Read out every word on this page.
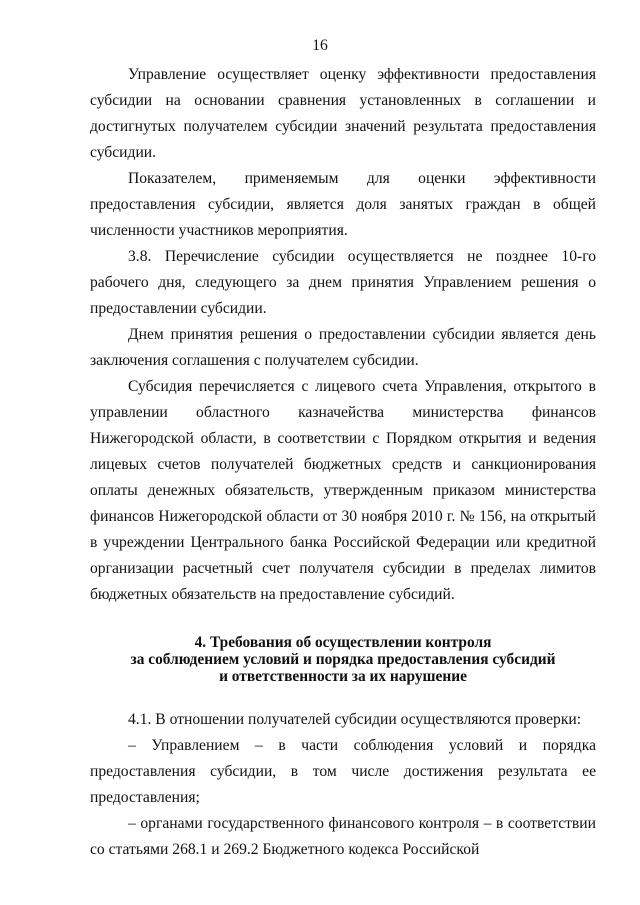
16

Управление осуществляет оценку эффективности предоставления субсидии на основании сравнения установленных в соглашении и достигнутых получателем субсидии значений результата предоставления субсидии.

Показателем, применяемым для оценки эффективности предоставления субсидии, является доля занятых граждан в общей численности участников мероприятия.

3.8. Перечисление субсидии осуществляется не позднее 10-го рабочего дня, следующего за днем принятия Управлением решения о предоставлении субсидии.

Днем принятия решения о предоставлении субсидии является день заключения соглашения с получателем субсидии.

Субсидия перечисляется с лицевого счета Управления, открытого в управлении областного казначейства министерства финансов Нижегородской области, в соответствии с Порядком открытия и ведения лицевых счетов получателей бюджетных средств и санкционирования оплаты денежных обязательств, утвержденным приказом министерства финансов Нижегородской области от 30 ноября 2010 г. № 156, на открытый в учреждении Центрального банка Российской Федерации или кредитной организации расчетный счет получателя субсидии в пределах лимитов бюджетных обязательств на предоставление субсидий.

4. Требования об осуществлении контроля
за соблюдением условий и порядка предоставления субсидий
и ответственности за их нарушение

4.1. В отношении получателей субсидии осуществляются проверки:

– Управлением – в части соблюдения условий и порядка предоставления субсидии, в том числе достижения результата ее предоставления;

– органами государственного финансового контроля – в соответствии со статьями 268.1 и 269.2 Бюджетного кодекса Российской
